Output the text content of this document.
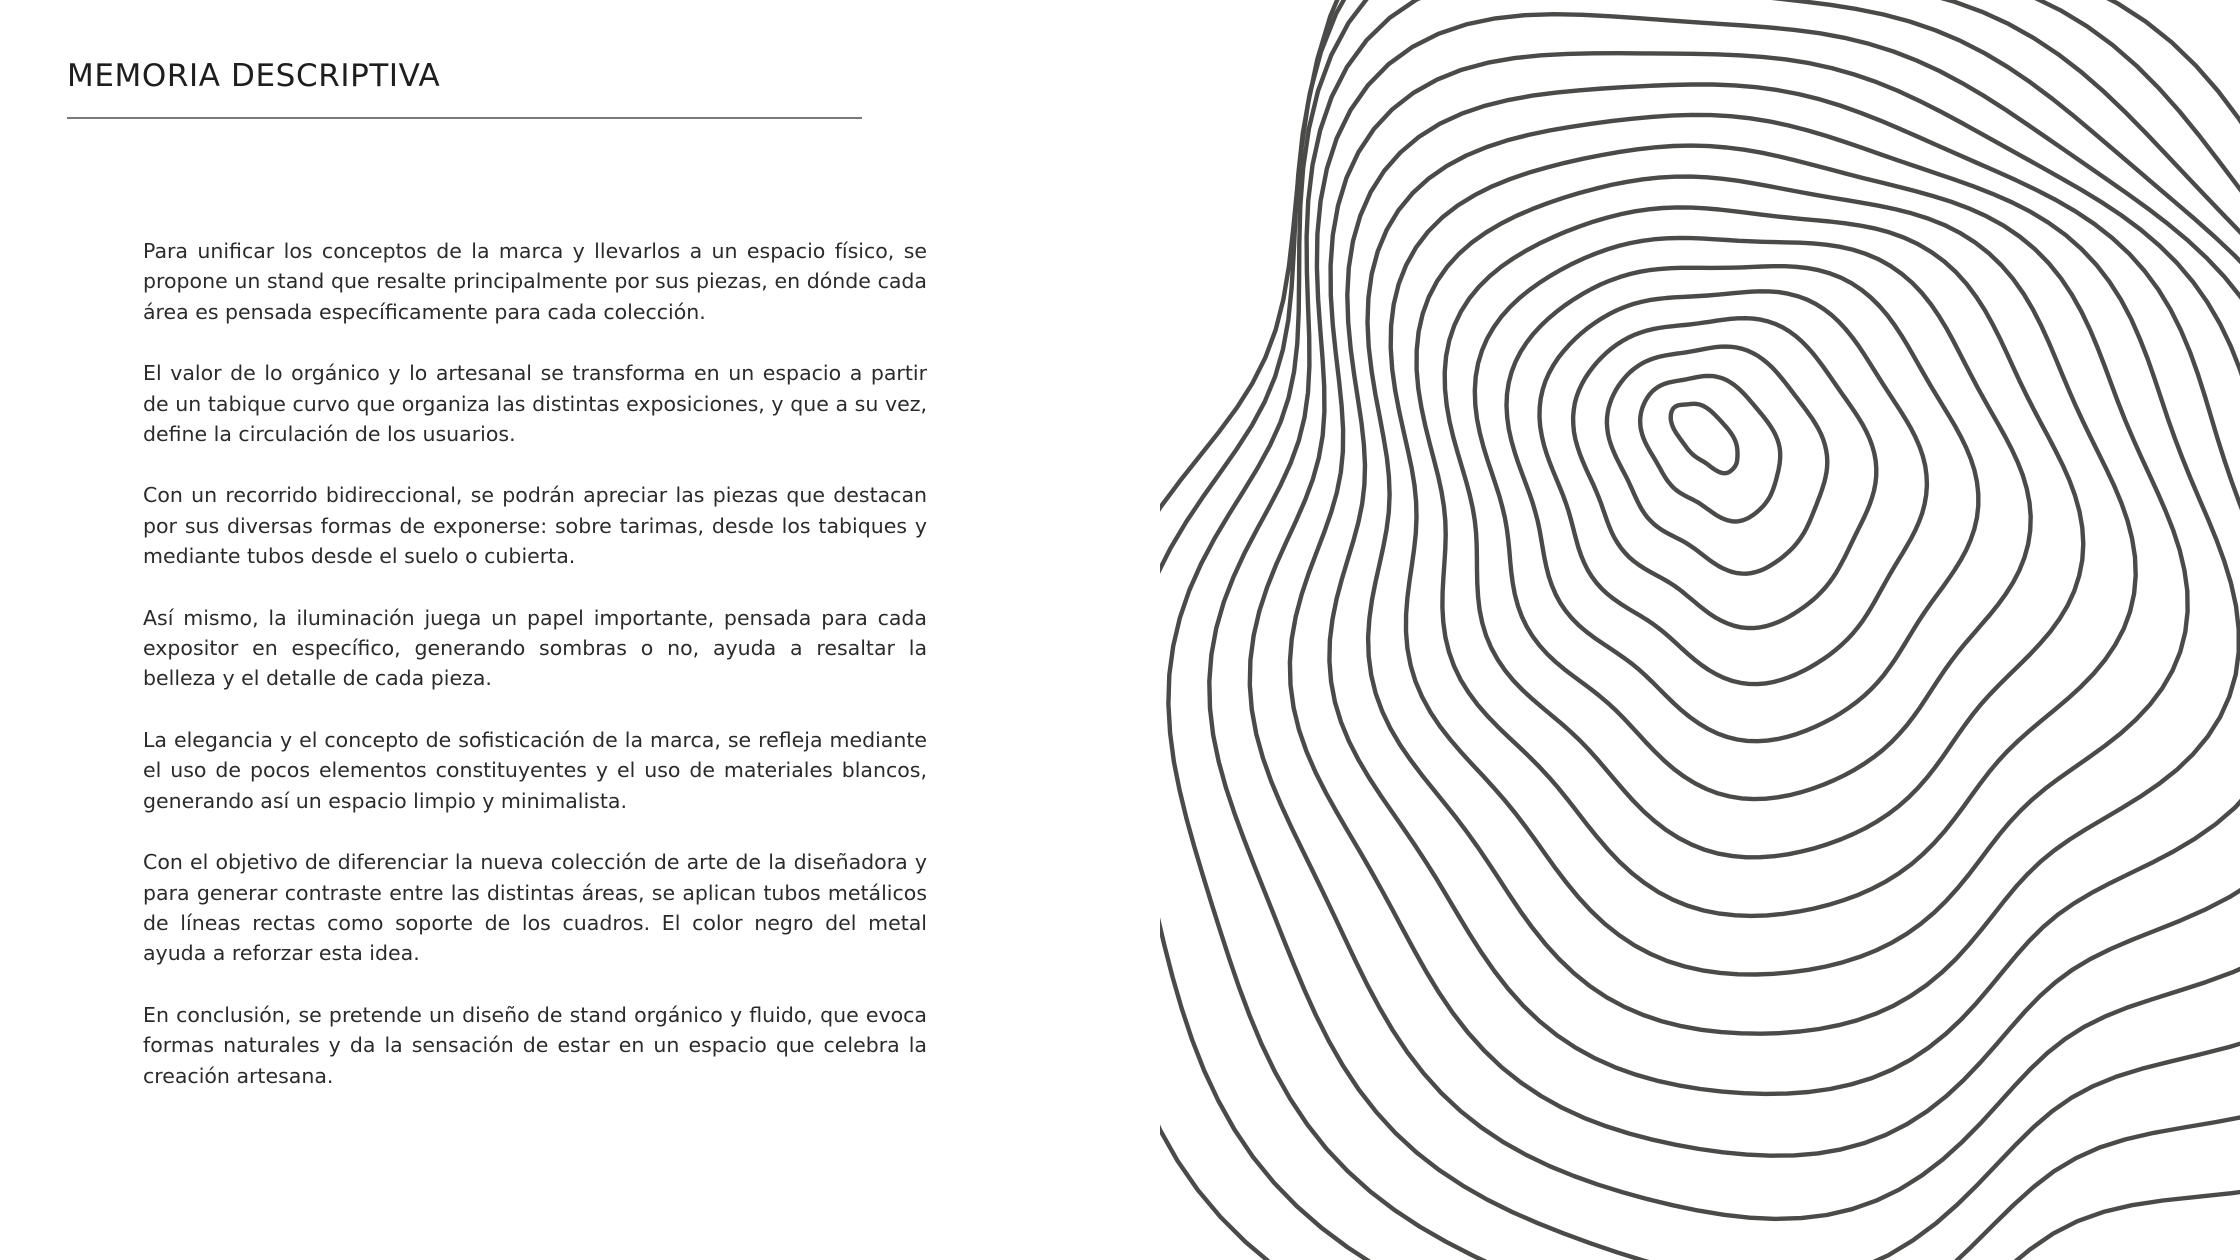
MEMORIA DESCRIPTIVA

Para unificar los conceptos de la marca y llevarlos a un espacio físico, se propone un stand que resalte principalmente por sus piezas, en dónde cada área es pensada específicamente para cada colección.

El valor de lo orgánico y lo artesanal se transforma en un espacio a partir de un tabique curvo que organiza las distintas exposiciones, y que a su vez, define la circulación de los usuarios.

Con un recorrido bidireccional, se podrán apreciar las piezas que destacan por sus diversas formas de exponerse: sobre tarimas, desde los tabiques y mediante tubos desde el suelo o cubierta.

Así mismo, la iluminación juega un papel importante, pensada para cada expositor en específico, generando sombras o no, ayuda a resaltar la belleza y el detalle de cada pieza.

La elegancia y el concepto de sofisticación de la marca, se refleja mediante el uso de pocos elementos constituyentes y el uso de materiales blancos, generando así un espacio limpio y minimalista.

Con el objetivo de diferenciar la nueva colección de arte de la diseñadora y para generar contraste entre las distintas áreas, se aplican tubos metálicos de líneas rectas como soporte de los cuadros. El color negro del metal ayuda a reforzar esta idea.

En conclusión, se pretende un diseño de stand orgánico y fluido, que evoca formas naturales y da la sensación de estar en un espacio que celebra la creación artesana.
